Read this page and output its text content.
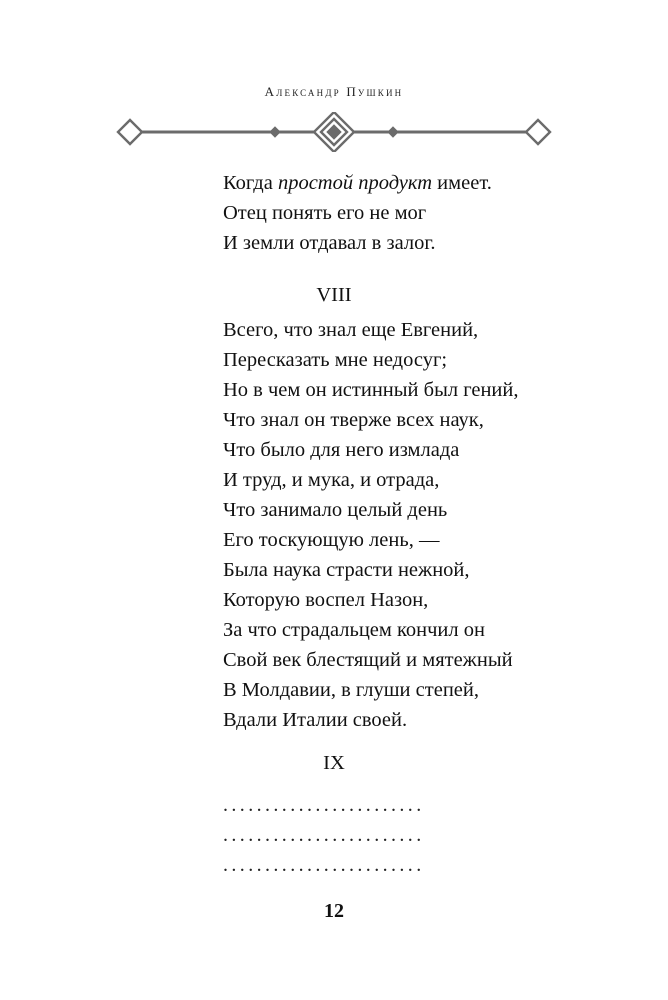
Александр Пушкин
Когда простой продукт имеет.
Отец понять его не мог
И земли отдавал в залог.
VIII
Всего, что знал еще Евгений,
Пересказать мне недосуг;
Но в чем он истинный был гений,
Что знал он тверже всех наук,
Что было для него измлада
И труд, и мука, и отрада,
Что занимало целый день
Его тоскующую лень, —
Была наука страсти нежной,
Которую воспел Назон,
За что страдальцем кончил он
Свой век блестящий и мятежный
В Молдавии, в глуши степей,
Вдали Италии своей.
IX
........................
........................
........................
12
